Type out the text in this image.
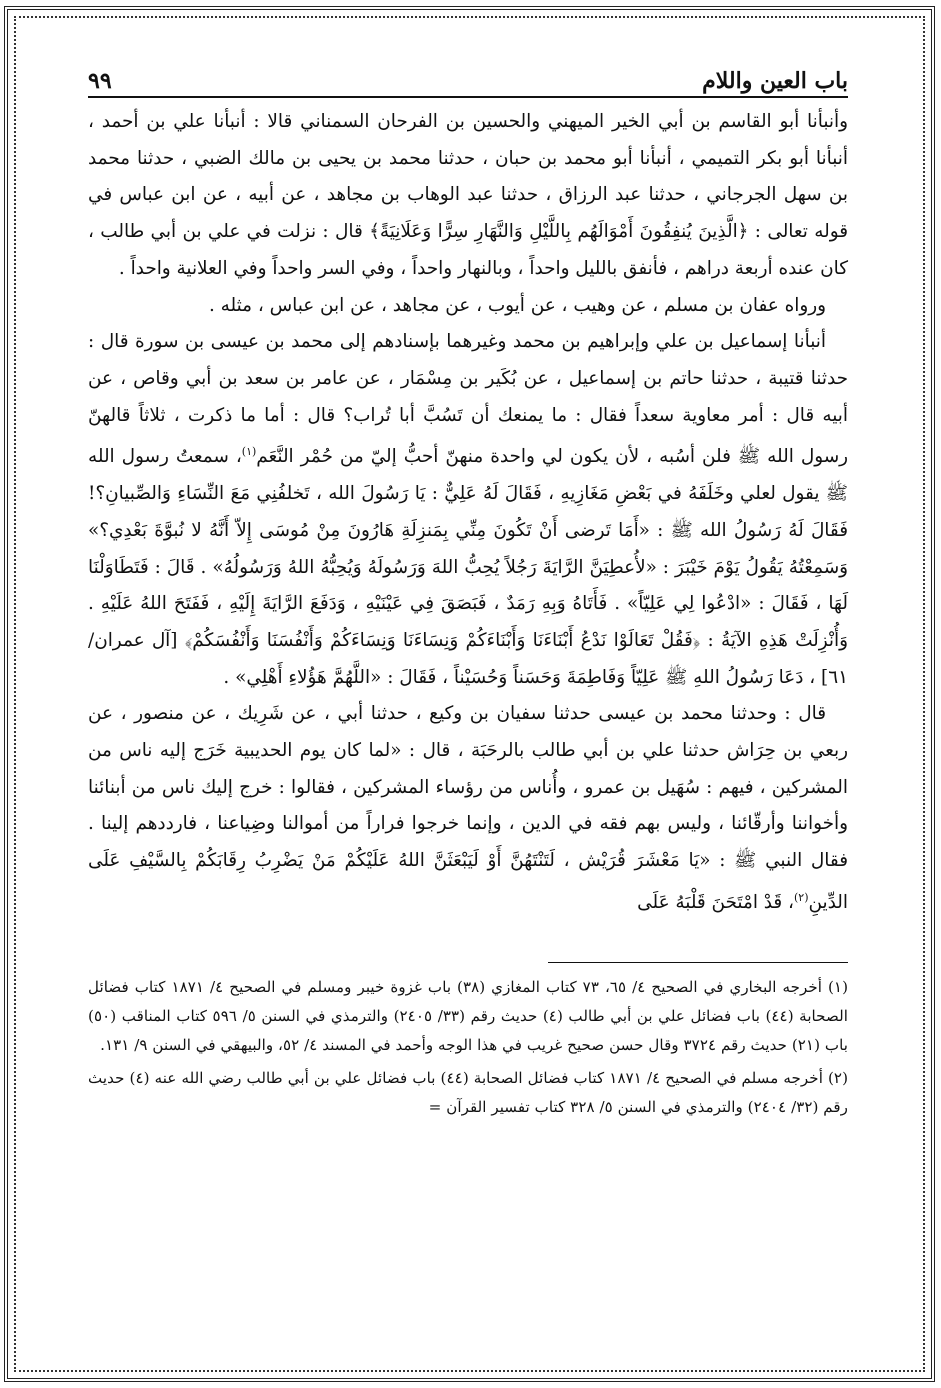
باب العين واللام
٩٩

وأنبأنا أبو القاسم بن أبي الخير الميهني والحسين بن الفرحان السمناني قالا : أنبأنا علي بن أحمد ، أنبأنا أبو بكر التميمي ، أنبأنا أبو محمد بن حبان ، حدثنا محمد بن يحيى بن مالك الضبي ، حدثنا محمد بن سهل الجرجاني ، حدثنا عبد الرزاق ، حدثنا عبد الوهاب بن مجاهد ، عن أبيه ، عن ابن عباس في قوله تعالى : ﴿الَّذِينَ يُنفِقُونَ أَمْوَالَهُم بِاللَّيْلِ وَالنَّهَارِ سِرًّا وَعَلَانِيَةً﴾ قال : نزلت في علي بن أبي طالب ، كان عنده أربعة دراهم ، فأنفق بالليل واحداً ، وبالنهار واحداً ، وفي السر واحداً وفي العلانية واحداً .

ورواه عفان بن مسلم ، عن وهيب ، عن أيوب ، عن مجاهد ، عن ابن عباس ، مثله .

أنبأنا إسماعيل بن علي وإبراهيم بن محمد وغيرهما بإسنادهم إلى محمد بن عيسى بن سورة قال : حدثنا قتيبة ، حدثنا حاتم بن إسماعيل ، عن بُكَير بن مِسْمَار ، عن عامر بن سعد بن أبي وقاص ، عن أبيه قال : أمر معاوية سعداً فقال : ما يمنعك أن تَسُبَّ أبا تُراب؟ قال : أما ما ذكرت ، ثلاثاً قالهنّ رسول الله ﷺ فلن أسُبه ، لأن يكون لي واحدة منهنّ أحبُّ إليّ من حُمْر النَّعَم$^{(١)}$، سمعتُ رسول الله ﷺ يقول لعلي وخَلَفَهُ في بَعْضِ مَغَازِيهِ ، فَقَالَ لَهُ عَلِيٌّ : يَا رَسُولَ الله ، تَخلفُنِي مَعَ النِّسَاءِ وَالصِّبيانِ؟! فَقَالَ لَهُ رَسُولُ الله ﷺ : «أَمَا تَرضى أَنْ تَكُونَ مِنِّي بِمَنزِلَةِ هَارُونَ مِنْ مُوسَى إِلاّ أَنَّهُ لا نُبوَّةَ بَعْدِي؟» وَسَمِعْتُهُ يَقُولُ يَوْمَ خَيْبَرَ : «لأُعطِيَنَّ الرَّايَةَ رَجُلاً يُحِبُّ اللهَ وَرَسُولَهُ وَيُحِبُّهُ اللهُ وَرَسُولُهُ» . قَالَ : فَتَطَاوَلْنَا لَهَا ، فَقَالَ : «ادْعُوا لِي عَلِيّاً» . فَأَتَاهُ وَبِهِ رَمَدٌ ، فَبَصَقَ فِي عَيْنَيْهِ ، وَدَفَعَ الرَّايَةَ إِلَيْهِ ، فَفَتَحَ اللهُ عَلَيْهِ . وَأُنْزِلَتْ هَذِهِ الآيَةُ : ﴿فَقُلْ تَعَالَوْا نَدْعُ أَبْنَاءَنَا وَأَبْنَاءَكُمْ وَنِسَاءَنَا وَنِسَاءَكُمْ وَأَنْفُسَنَا وَأَنْفُسَكُمْ﴾ [آل عمران/ ٦١] ، دَعَا رَسُولُ اللهِ ﷺ عَلِيّاً وَفَاطِمَةَ وَحَسَناً وَحُسَيْناً ، فَقَالَ : «اللَّهُمَّ هَؤُلاءِ أَهْلِي» .

قال : وحدثنا محمد بن عيسى حدثنا سفيان بن وكيع ، حدثنا أبي ، عن شَرِيك ، عن منصور ، عن ربعي بن حِرَاش حدثنا علي بن أبي طالب بالرحَبَة ، قال : «لما كان يوم الحديبية خَرَج إليه ناس من المشركين ، فيهم : سُهَيل بن عمرو ، وأُناس من رؤساء المشركين ، فقالوا : خرج إليك ناس من أبنائنا وأخواننا وأرقّائنا ، وليس بهم فقه في الدين ، وإنما خرجوا فراراً من أموالنا وضِياعنا ، فارددهم إلينا . فقال النبي ﷺ : «يَا مَعْشَرَ قُرَيْش ، لَتَنْتَهُنَّ أَوْ لَيَبْعَثَنَّ اللهُ عَلَيْكُمْ مَنْ يَضْرِبُ رِقَابَكُمْ بِالسَّيْفِ عَلَى الدِّينِ$^{(٢)}$، قَدْ امْتَحَنَ قَلْبَهُ عَلَى

(١) أخرجه البخاري في الصحيح ٤/ ٦٥، ٧٣ كتاب المغازي (٣٨) باب غزوة خيبر ومسلم في الصحيح ٤/ ١٨٧١ كتاب فضائل الصحابة (٤٤) باب فضائل علي بن أبي طالب (٤) حديث رقم (٣٣/ ٢٤٠٥) والترمذي في السنن ٥/ ٥٩٦ كتاب المناقب (٥٠) باب (٢١) حديث رقم ٣٧٢٤ وقال حسن صحيح غريب في هذا الوجه وأحمد في المسند ٤/ ٥٢، والبيهقي في السنن ٩/ ١٣١.

(٢) أخرجه مسلم في الصحيح ٤/ ١٨٧١ كتاب فضائل الصحابة (٤٤) باب فضائل علي بن أبي طالب رضي الله عنه (٤) حديث رقم (٣٢/ ٢٤٠٤) والترمذي في السنن ٥/ ٣٢٨ كتاب تفسير القرآن =
